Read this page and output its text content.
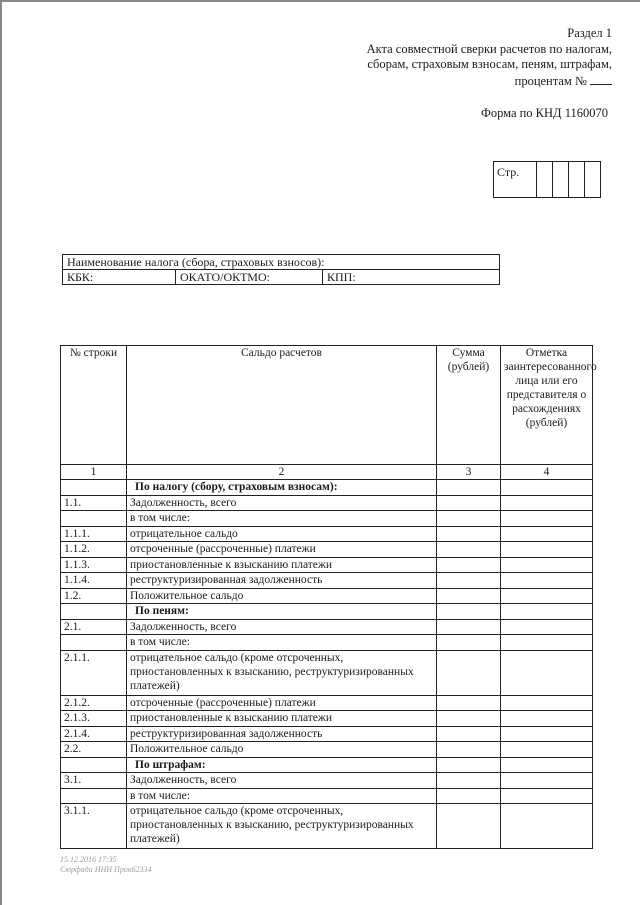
Раздел 1
Акта совместной сверки расчетов по налогам,
сборам, страховым взносам, пеням, штрафам,
процентам №
Форма по КНД 1160070
Стр.				
Наименование налога (сбора, страховых взносов):
КБК:	ОКАТО/ОКТМО:	КПП:
№ строки	Сальдо расчетов	Сумма (рублей)	Отметка заинтересованного лица или его представителя о расхождениях (рублей)
1	2	3	4
	По налогу (сбору, страховым взносам):		
1.1.	Задолженность, всего		
	в том числе:		
1.1.1.	отрицательное сальдо		
1.1.2.	отсроченные (рассроченные) платежи		
1.1.3.	приостановленные к взысканию платежи		
1.1.4.	реструктуризированная задолженность		
1.2.	Положительное сальдо		
	По пеням:		
2.1.	Задолженность, всего		
	в том числе:		
2.1.1.	отрицательное сальдо (кроме отсроченных, приостановленных к взысканию, реструктуризированных платежей)		
2.1.2.	отсроченные (рассроченные) платежи		
2.1.3.	приостановленные к взысканию платежи		
2.1.4.	реструктуризированная задолженность		
2.2.	Положительное сальдо		
	По штрафам:		
3.1.	Задолженность, всего		
	в том числе:		
3.1.1.	отрицательное сальдо (кроме отсроченных, приостановленных к взысканию, реструктуризированных платежей)		
15.12.2016 17:35
Сюрфада ИНН Прик62334
